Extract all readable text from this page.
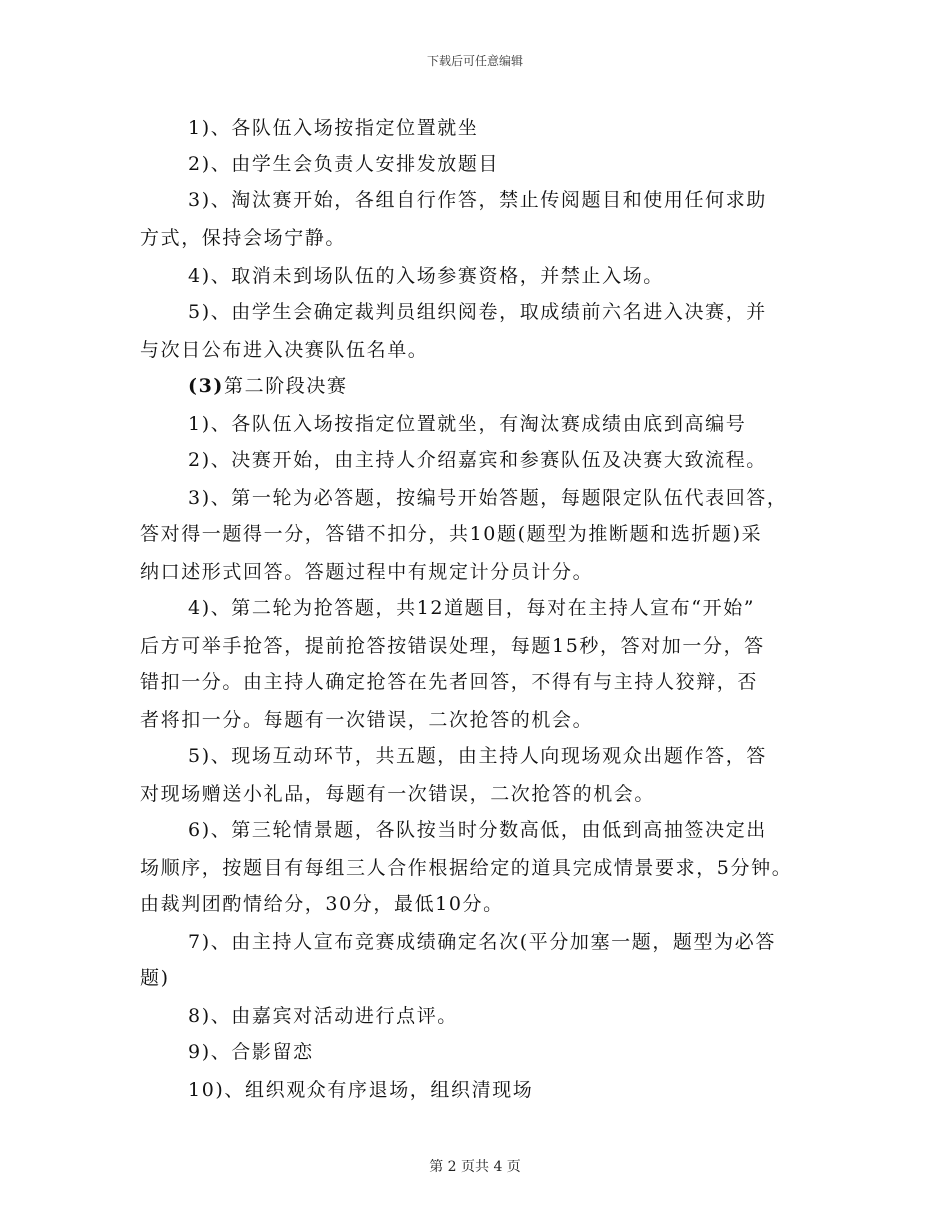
下载后可任意编辑
1)、各队伍入场按指定位置就坐
2)、由学生会负责人安排发放题目
3)、淘汰赛开始，各组自行作答，禁止传阅题目和使用任何求助
方式，保持会场宁静。
4)、取消未到场队伍的入场参赛资格，并禁止入场。
5)、由学生会确定裁判员组织阅卷，取成绩前六名进入决赛，并
与次日公布进入决赛队伍名单。
(3)第二阶段决赛
1)、各队伍入场按指定位置就坐，有淘汰赛成绩由底到高编号
2)、决赛开始，由主持人介绍嘉宾和参赛队伍及决赛大致流程。
3)、第一轮为必答题，按编号开始答题，每题限定队伍代表回答，
答对得一题得一分，答错不扣分，共10题(题型为推断题和选折题)采
纳口述形式回答。答题过程中有规定计分员计分。
4)、第二轮为抢答题，共12道题目，每对在主持人宣布“开始”
后方可举手抢答，提前抢答按错误处理，每题15秒，答对加一分，答
错扣一分。由主持人确定抢答在先者回答，不得有与主持人狡辩，否
者将扣一分。每题有一次错误，二次抢答的机会。
5)、现场互动环节，共五题，由主持人向现场观众出题作答，答
对现场赠送小礼品，每题有一次错误，二次抢答的机会。
6)、第三轮情景题，各队按当时分数高低，由低到高抽签决定出
场顺序，按题目有每组三人合作根据给定的道具完成情景要求，5分钟。
由裁判团酌情给分，30分，最低10分。
7)、由主持人宣布竞赛成绩确定名次(平分加塞一题，题型为必答
题)
8)、由嘉宾对活动进行点评。
9)、合影留恋
10)、组织观众有序退场，组织清现场
第 2 页共 4 页
